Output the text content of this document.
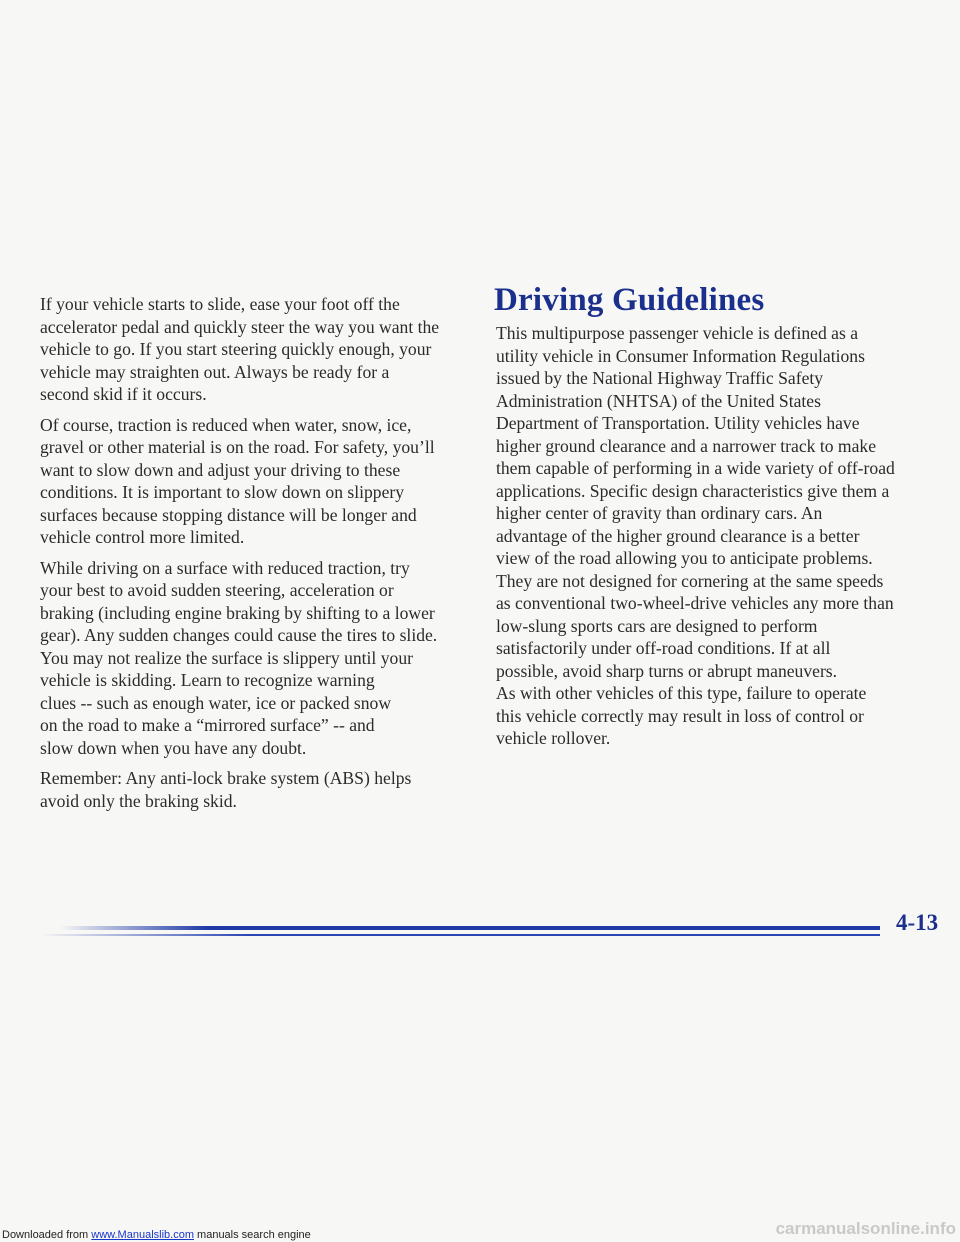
If your vehicle starts to slide, ease your foot off the
accelerator pedal and quickly steer the way you want the
vehicle to go. If you start steering quickly enough, your
vehicle may straighten out. Always be ready for a
second skid if it occurs.

Of course, traction is reduced when water, snow, ice,
gravel or other material is on the road. For safety, you’ll
want to slow down and adjust your driving to these
conditions. It is important to slow down on slippery
surfaces because stopping distance will be longer and
vehicle control more limited.

While driving on a surface with reduced traction, try
your best to avoid sudden steering, acceleration or
braking (including engine braking by shifting to a lower
gear). Any sudden changes could cause the tires to slide.
You may not realize the surface is slippery until your
vehicle is skidding. Learn to recognize warning
clues -- such as enough water, ice or packed snow
on the road to make a “mirrored surface” -- and
slow down when you have any doubt.

Remember: Any anti-lock brake system (ABS) helps
avoid only the braking skid.

Driving Guidelines

This multipurpose passenger vehicle is defined as a
utility vehicle in Consumer Information Regulations
issued by the National Highway Traffic Safety
Administration (NHTSA) of the United States
Department of Transportation. Utility vehicles have
higher ground clearance and a narrower track to make
them capable of performing in a wide variety of off-road
applications. Specific design characteristics give them a
higher center of gravity than ordinary cars. An
advantage of the higher ground clearance is a better
view of the road allowing you to anticipate problems.
They are not designed for cornering at the same speeds
as conventional two-wheel-drive vehicles any more than
low-slung sports cars are designed to perform
satisfactorily under off-road conditions. If at all
possible, avoid sharp turns or abrupt maneuvers.
As with other vehicles of this type, failure to operate
this vehicle correctly may result in loss of control or
vehicle rollover.

4-13
Downloaded from www.Manualslib.com manuals search engine	carmanualsonline.info
